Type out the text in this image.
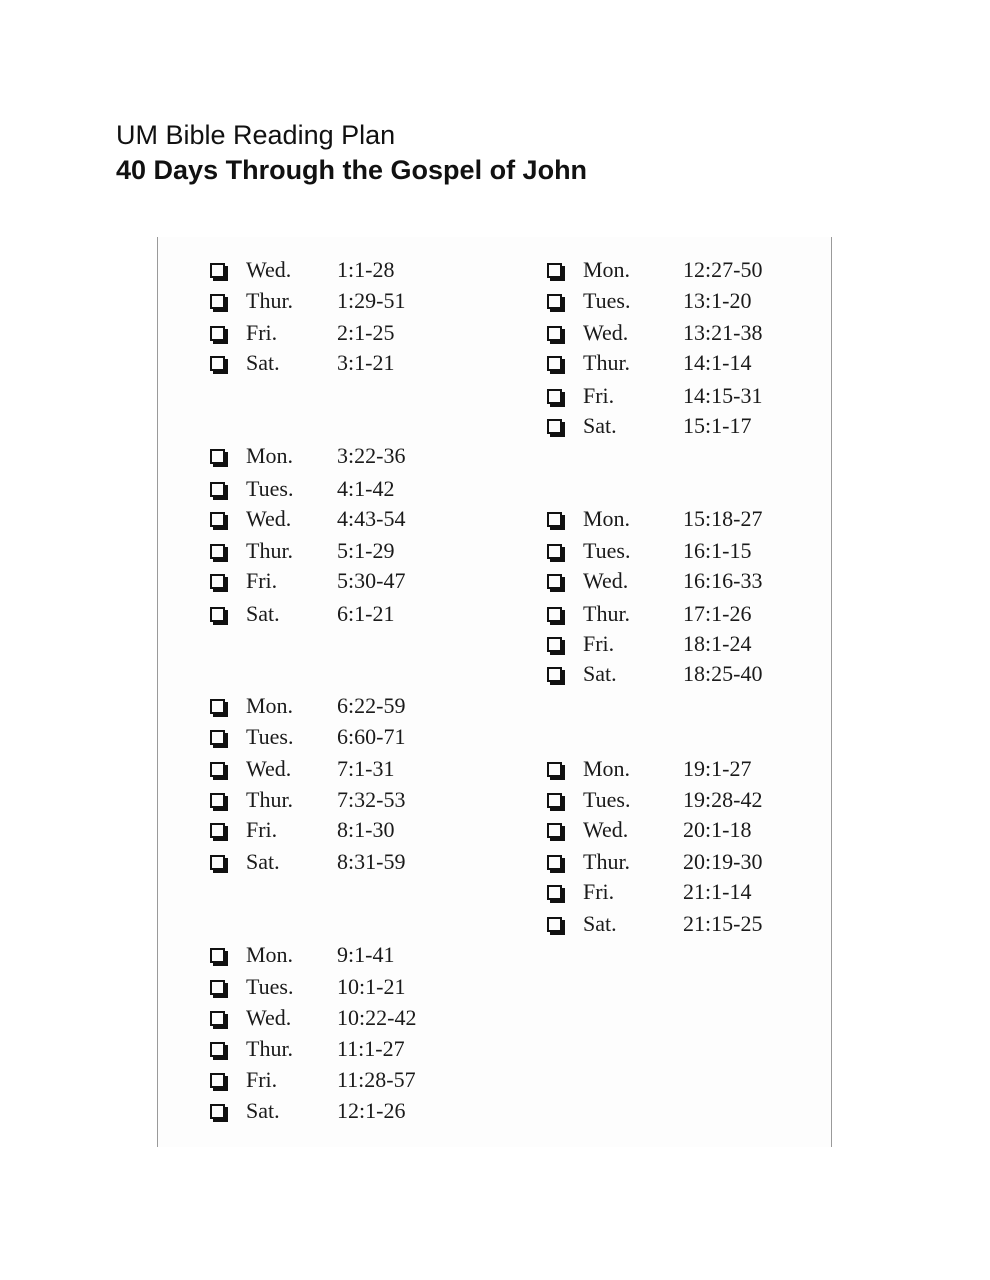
UM Bible Reading Plan
40 Days Through the Gospel of John
Wed.	1:1-28
Thur.	1:29-51
Fri.	2:1-25
Sat.	3:1-21
Mon.	3:22-36
Tues.	4:1-42
Wed.	4:43-54
Thur.	5:1-29
Fri.	5:30-47
Sat.	6:1-21
Mon.	6:22-59
Tues.	6:60-71
Wed.	7:1-31
Thur.	7:32-53
Fri.	8:1-30
Sat.	8:31-59
Mon.	9:1-41
Tues.	10:1-21
Wed.	10:22-42
Thur.	11:1-27
Fri.	11:28-57
Sat.	12:1-26
Mon.	12:27-50
Tues.	13:1-20
Wed.	13:21-38
Thur.	14:1-14
Fri.	14:15-31
Sat.	15:1-17
Mon.	15:18-27
Tues.	16:1-15
Wed.	16:16-33
Thur.	17:1-26
Fri.	18:1-24
Sat.	18:25-40
Mon.	19:1-27
Tues.	19:28-42
Wed.	20:1-18
Thur.	20:19-30
Fri.	21:1-14
Sat.	21:15-25
